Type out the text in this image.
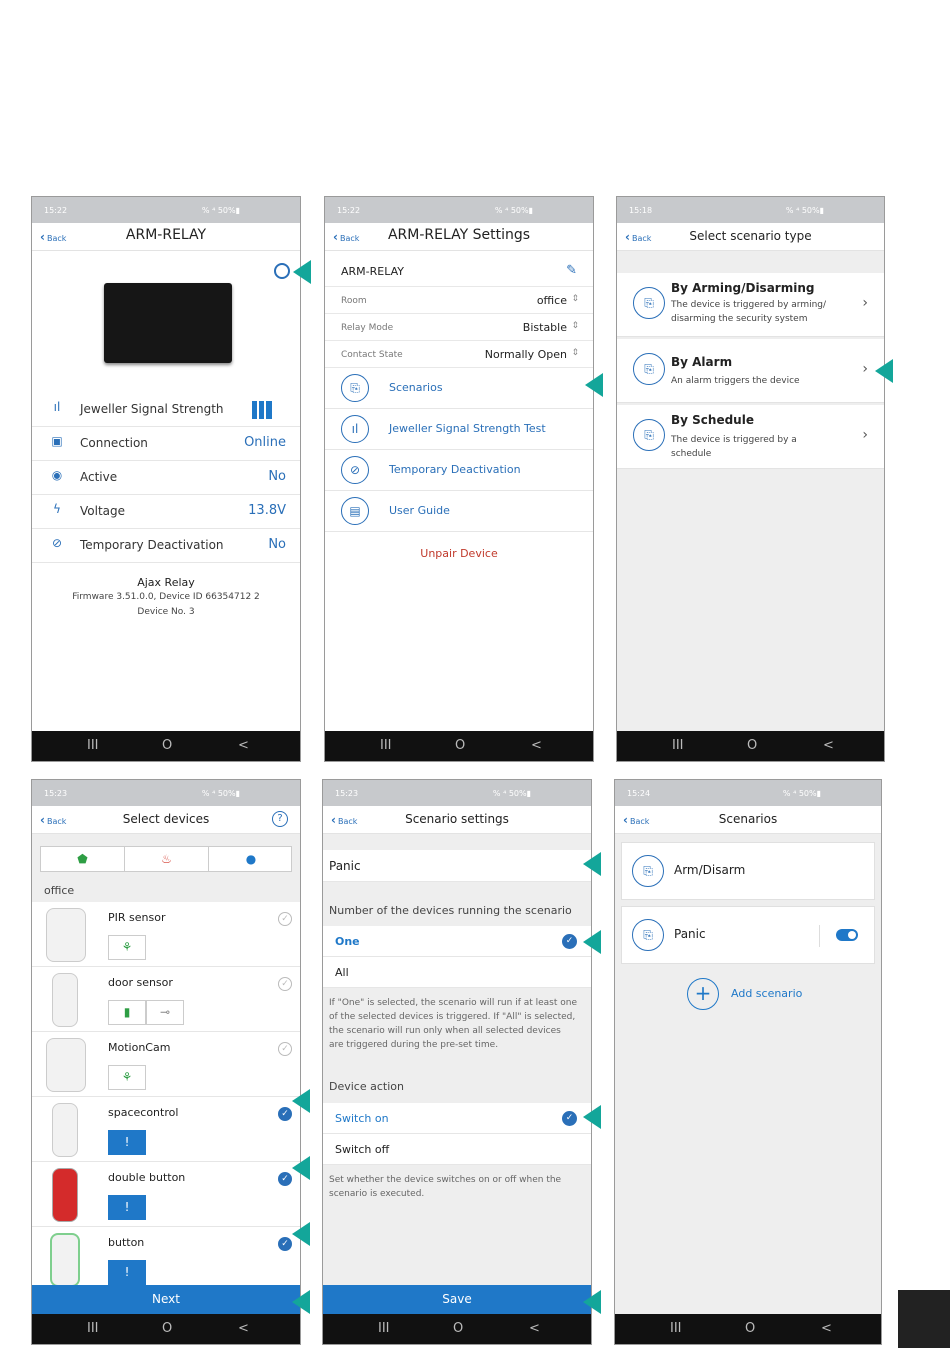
15:22	% ⁴ 50%▮
‹ Back	ARM-RELAY
ıl	Jeweller Signal Strength
▣ Connection	Online
◉	Active	No
ϟ	Voltage	13.8V
⊘	Temporary Deactivation	No
Ajax Relay
Firmware 3.51.0.0, Device ID 66354712 2
Device No. 3
III	O	<
15:22	% ⁴ 50%▮
‹ Back	ARM-RELAY Settings
ARM-RELAY	✎
Room	office ⇕
Relay Mode	Bistable ⇕
Contact State	Normally Open ⇕
⎘	Scenarios
ıl	Jeweller Signal Strength Test
⊘	Temporary Deactivation
▤	User Guide
Unpair Device
III	O	<
15:18	% ⁴ 50%▮
‹ Back	Select scenario type
⎘
By Arming/Disarming
The device is triggered by arming/ disarming the security system
›
⎘	By Alarm
An alarm triggers the device
›
⎘
By Schedule
The device is triggered by a schedule
›
III	O	<
15:23	% ⁴ 50%▮
‹ Back	Select devices	?
⬟	♨	●
office
PIR sensor	✓
⚘
door sensor	✓
▮	⊸
MotionCam	✓
⚘
spacecontrol	✓
!
double button	✓
!
button	✓
!
Next
III	O	<
15:23	% ⁴ 50%▮
‹ Back	Scenario settings
Panic
Number of the devices running the scenario
One	✓
All
If "One" is selected, the scenario will run if at least one of the selected devices is triggered. If "All" is selected, the scenario will run only when all selected devices are triggered during the pre-set time.
Device action
Switch on	✓
Switch off
Set whether the device switches on or off when the scenario is executed.
Save
III	O	<
15:24	% ⁴ 50%▮
‹ Back	Scenarios
⎘	Arm/Disarm
⎘	Panic
+	Add scenario
III	O	<
